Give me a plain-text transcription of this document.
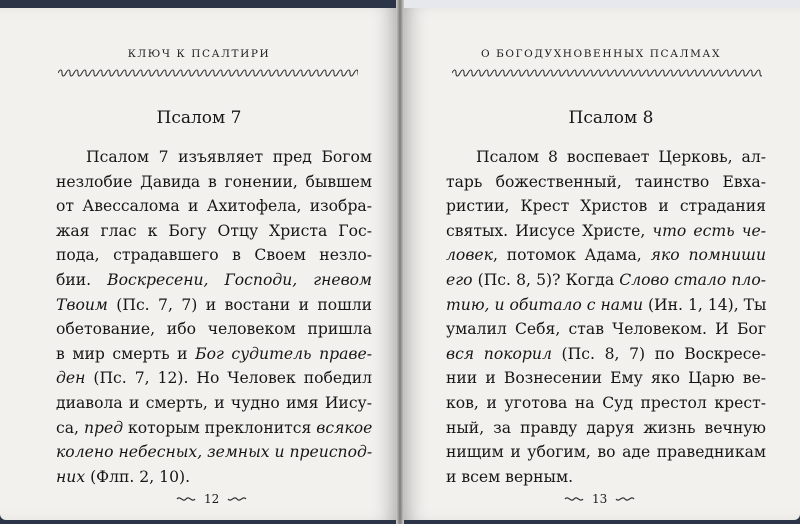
КЛЮЧ К ПСАЛТИРИ
Псалом 7
Псалом 7 изъявляет пред Богом
незлобие Давида в гонении, бывшем
от Авессалома и Ахитофела, изобра-
жая глас к Богу Отцу Христа Гос-
пода, страдавшего в Своем незло-
бии. Воскресени, Господи, гневом
Твоим (Пс. 7, 7) и востани и пошли
обетование, ибо человеком пришла
в мир смерть и Бог судитель праве-
ден (Пс. 7, 12). Но Человек победил
диавола и смерть, и чудно имя Иису-
са, пред которым преклонится всякое
колено небесных, земных и преиспод-
них (Флп. 2, 10).
12
О БОГОДУХНОВЕННЫХ ПСАЛМАХ
Псалом 8
Псалом 8 воспевает Церковь, ал-
тарь божественный, таинство Евха-
ристии, Крест Христов и страдания
святых. Иисусе Христе, что есть че-
ловек, потомок Адама, яко помниши
его (Пс. 8, 5)? Когда Слово стало пло-
тию, и обитало с нами (Ин. 1, 14), Ты
умалил Себя, став Человеком. И Бог
вся покорил (Пс. 8, 7) по Воскресе-
нии и Вознесении Ему яко Царю ве-
ков, и уготова на Суд престол крест-
ный, за правду даруя жизнь вечную
нищим и убогим, во аде праведникам
и всем верным.
13
